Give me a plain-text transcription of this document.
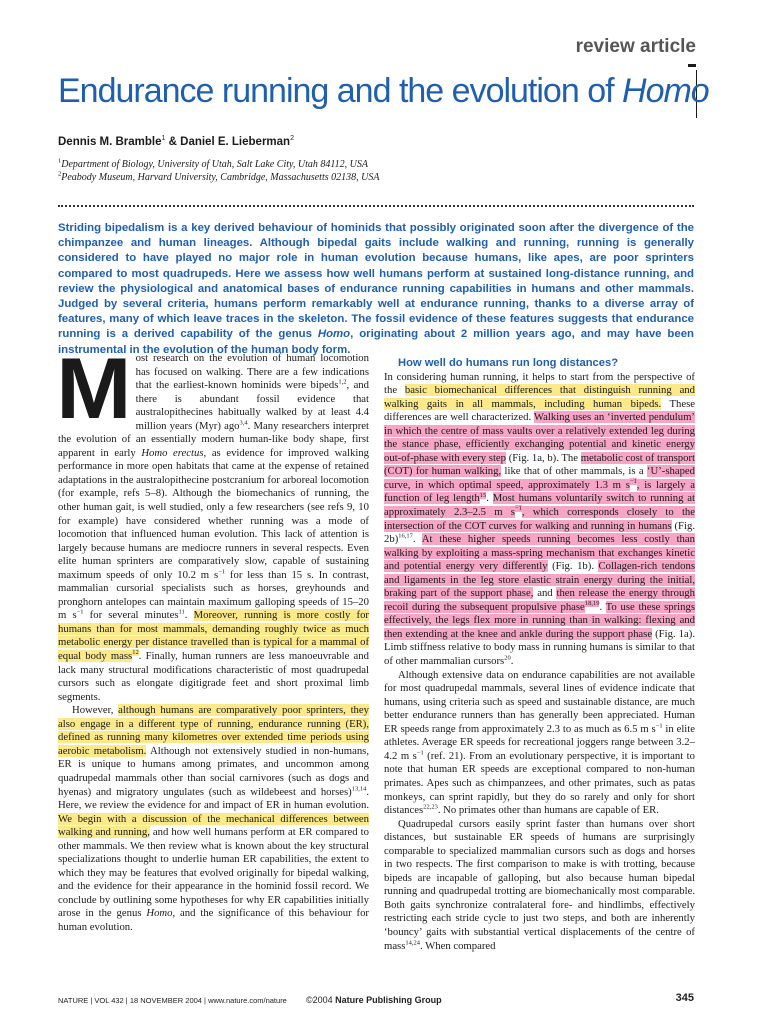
review article
Endurance running and the evolution of Homo
Dennis M. Bramble$^1$ & Daniel E. Lieberman$^2$
$^1$Department of Biology, University of Utah, Salt Lake City, Utah 84112, USA
$^2$Peabody Museum, Harvard University, Cambridge, Massachusetts 02138, USA
Striding bipedalism is a key derived behaviour of hominids that possibly originated soon after the divergence of the chimpanzee and human lineages. Although bipedal gaits include walking and running, running is generally considered to have played no major role in human evolution because humans, like apes, are poor sprinters compared to most quadrupeds. Here we assess how well humans perform at sustained long-distance running, and review the physiological and anatomical bases of endurance running capabilities in humans and other mammals. Judged by several criteria, humans perform remarkably well at endurance running, thanks to a diverse array of features, many of which leave traces in the skeleton. The fossil evidence of these features suggests that endurance running is a derived capability of the genus Homo, originating about 2 million years ago, and may have been instrumental in the evolution of the human body form.

Most research on the evolution of human locomotion has focused on walking. There are a few indications that the earliest-known hominids were bipeds$^{1,2}$, and there is abundant fossil evidence that australopithecines habitually walked by at least 4.4 million years (Myr) ago$^{3,4}$. Many researchers interpret the evolution of an essentially modern human-like body shape, first apparent in early Homo erectus, as evidence for improved walking performance in more open habitats that came at the expense of retained adaptations in the australopithecine postcranium for arboreal locomotion (for example, refs 5–8). Although the biomechanics of running, the other human gait, is well studied, only a few researchers (see refs 9, 10 for example) have considered whether running was a mode of locomotion that influenced human evolution. This lack of attention is largely because humans are mediocre runners in several respects. Even elite human sprinters are comparatively slow, capable of sustaining maximum speeds of only 10.2 m $s^{-1}$ for less than 15 s. In contrast, mammalian cursorial specialists such as horses, greyhounds and pronghorn antelopes can maintain maximum galloping speeds of 15–20 m $s^{-1}$ for several minutes$^{11}$. Moreover, running is more costly for humans than for most mammals, demanding roughly twice as much metabolic energy per distance travelled than is typical for a mammal of equal body mass$^{12}$. Finally, human runners are less manoeuvrable and lack many structural modifications characteristic of most quadrupedal cursors such as elongate digitigrade feet and short proximal limb segments.

However, although humans are comparatively poor sprinters, they also engage in a different type of running, endurance running (ER), defined as running many kilometres over extended time periods using aerobic metabolism. Although not extensively studied in non-humans, ER is unique to humans among primates, and uncommon among quadrupedal mammals other than social carnivores (such as dogs and hyenas) and migratory ungulates (such as wildebeest and horses)$^{13,14}$. Here, we review the evidence for and impact of ER in human evolution. We begin with a discussion of the mechanical differences between walking and running, and how well humans perform at ER compared to other mammals. We then review what is known about the key structural specializations thought to underlie human ER capabilities, the extent to which they may be features that evolved originally for bipedal walking, and the evidence for their appearance in the hominid fossil record. We conclude by outlining some hypotheses for why ER capabilities initially arose in the genus Homo, and the significance of this behaviour for human evolution.

How well do humans run long distances?

In considering human running, it helps to start from the perspective of the basic biomechanical differences that distinguish running and walking gaits in all mammals, including human bipeds. These differences are well characterized. Walking uses an ‘inverted pendulum’ in which the centre of mass vaults over a relatively extended leg during the stance phase, efficiently exchanging potential and kinetic energy out-of-phase with every step (Fig. 1a, b). The metabolic cost of transport (COT) for human walking, like that of other mammals, is a ‘U’-shaped curve, in which optimal speed, approximately 1.3 m $s^{-1}$, is largely a function of leg length$^{15}$. Most humans voluntarily switch to running at approximately 2.3–2.5 m $s^{-1}$, which corresponds closely to the intersection of the COT curves for walking and running in humans (Fig. 2b)$^{16,17}$. At these higher speeds running becomes less costly than walking by exploiting a mass-spring mechanism that exchanges kinetic and potential energy very differently (Fig. 1b). Collagen-rich tendons and ligaments in the leg store elastic strain energy during the initial, braking part of the support phase, and then release the energy through recoil during the subsequent propulsive phase$^{18,19}$. To use these springs effectively, the legs flex more in running than in walking: flexing and then extending at the knee and ankle during the support phase (Fig. 1a). Limb stiffness relative to body mass in running humans is similar to that of other mammalian cursors$^{20}$.

Although extensive data on endurance capabilities are not available for most quadrupedal mammals, several lines of evidence indicate that humans, using criteria such as speed and sustainable distance, are much better endurance runners than has generally been appreciated. Human ER speeds range from approximately 2.3 to as much as 6.5 m $s^{-1}$ in elite athletes. Average ER speeds for recreational joggers range between 3.2–4.2 m $s^{-1}$ (ref. 21). From an evolutionary perspective, it is important to note that human ER speeds are exceptional compared to non-human primates. Apes such as chimpanzees, and other primates, such as patas monkeys, can sprint rapidly, but they do so rarely and only for short distances$^{22,23}$. No primates other than humans are capable of ER.

Quadrupedal cursors easily sprint faster than humans over short distances, but sustainable ER speeds of humans are surprisingly comparable to specialized mammalian cursors such as dogs and horses in two respects. The first comparison to make is with trotting, because bipeds are incapable of galloping, but also because human bipedal running and quadrupedal trotting are biomechanically most comparable. Both gaits synchronize contralateral fore- and hindlimbs, effectively restricting each stride cycle to just two steps, and both are inherently ‘bouncy’ gaits with substantial vertical displacements of the centre of mass$^{14,24}$. When compared

NATURE | VOL 432 | 18 NOVEMBER 2004 | www.nature.com/nature ©2004 Nature Publishing Group	345
